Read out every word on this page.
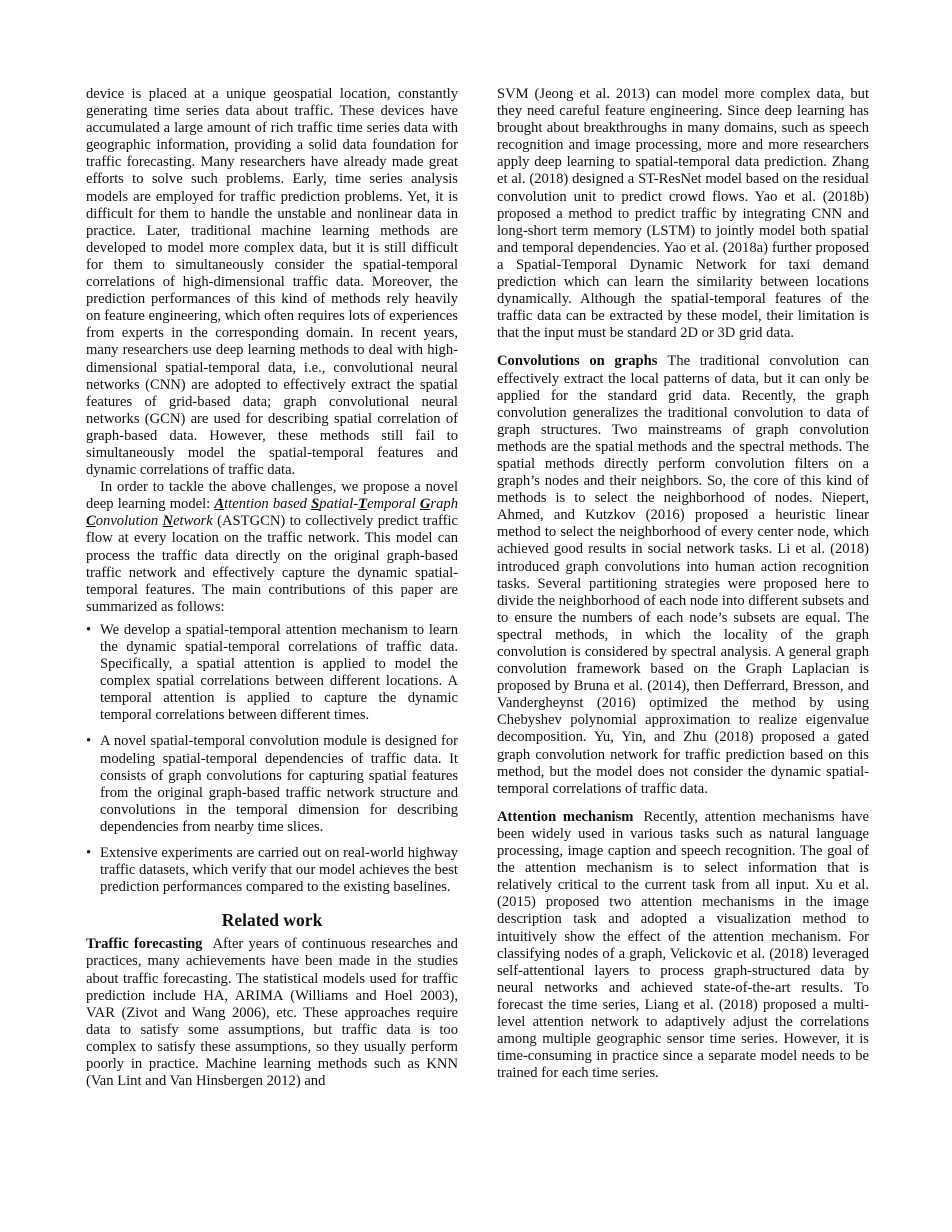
device is placed at a unique geospatial location, constantly generating time series data about traffic. These devices have accumulated a large amount of rich traffic time series data with geographic information, providing a solid data foundation for traffic forecasting. Many researchers have already made great efforts to solve such problems. Early, time series analysis models are employed for traffic prediction problems. Yet, it is difficult for them to handle the unstable and nonlinear data in practice. Later, traditional machine learning methods are developed to model more complex data, but it is still difficult for them to simultaneously consider the spatial-temporal correlations of high-dimensional traffic data. Moreover, the prediction performances of this kind of methods rely heavily on feature engineering, which often requires lots of experiences from experts in the corresponding domain. In recent years, many researchers use deep learning methods to deal with high-dimensional spatial-temporal data, i.e., convolutional neural networks (CNN) are adopted to effectively extract the spatial features of grid-based data; graph convolutional neural networks (GCN) are used for describing spatial correlation of graph-based data. However, these methods still fail to simultaneously model the spatial-temporal features and dynamic correlations of traffic data.

In order to tackle the above challenges, we propose a novel deep learning model: Attention based Spatial-Temporal Graph Convolution Network (ASTGCN) to collectively predict traffic flow at every location on the traffic network. This model can process the traffic data directly on the original graph-based traffic network and effectively capture the dynamic spatial-temporal features. The main contributions of this paper are summarized as follows:

• We develop a spatial-temporal attention mechanism to learn the dynamic spatial-temporal correlations of traffic data. Specifically, a spatial attention is applied to model the complex spatial correlations between different locations. A temporal attention is applied to capture the dynamic temporal correlations between different times.
• A novel spatial-temporal convolution module is designed for modeling spatial-temporal dependencies of traffic data. It consists of graph convolutions for capturing spatial features from the original graph-based traffic network structure and convolutions in the temporal dimension for describing dependencies from nearby time slices.
• Extensive experiments are carried out on real-world highway traffic datasets, which verify that our model achieves the best prediction performances compared to the existing baselines.
Related work

Traffic forecasting After years of continuous researches and practices, many achievements have been made in the studies about traffic forecasting. The statistical models used for traffic prediction include HA, ARIMA (Williams and Hoel 2003), VAR (Zivot and Wang 2006), etc. These approaches require data to satisfy some assumptions, but traffic data is too complex to satisfy these assumptions, so they usually perform poorly in practice. Machine learning methods such as KNN (Van Lint and Van Hinsbergen 2012) and

SVM (Jeong et al. 2013) can model more complex data, but they need careful feature engineering. Since deep learning has brought about breakthroughs in many domains, such as speech recognition and image processing, more and more researchers apply deep learning to spatial-temporal data prediction. Zhang et al. (2018) designed a ST-ResNet model based on the residual convolution unit to predict crowd flows. Yao et al. (2018b) proposed a method to predict traffic by integrating CNN and long-short term memory (LSTM) to jointly model both spatial and temporal dependencies. Yao et al. (2018a) further proposed a Spatial-Temporal Dynamic Network for taxi demand prediction which can learn the similarity between locations dynamically. Although the spatial-temporal features of the traffic data can be extracted by these model, their limitation is that the input must be standard 2D or 3D grid data.

Convolutions on graphs The traditional convolution can effectively extract the local patterns of data, but it can only be applied for the standard grid data. Recently, the graph convolution generalizes the traditional convolution to data of graph structures. Two mainstreams of graph convolution methods are the spatial methods and the spectral methods. The spatial methods directly perform convolution filters on a graph’s nodes and their neighbors. So, the core of this kind of methods is to select the neighborhood of nodes. Niepert, Ahmed, and Kutzkov (2016) proposed a heuristic linear method to select the neighborhood of every center node, which achieved good results in social network tasks. Li et al. (2018) introduced graph convolutions into human action recognition tasks. Several partitioning strategies were proposed here to divide the neighborhood of each node into different subsets and to ensure the numbers of each node’s subsets are equal. The spectral methods, in which the locality of the graph convolution is considered by spectral analysis. A general graph convolution framework based on the Graph Laplacian is proposed by Bruna et al. (2014), then Defferrard, Bresson, and Vandergheynst (2016) optimized the method by using Chebyshev polynomial approximation to realize eigenvalue decomposition. Yu, Yin, and Zhu (2018) proposed a gated graph convolution network for traffic prediction based on this method, but the model does not consider the dynamic spatial-temporal correlations of traffic data.

Attention mechanism Recently, attention mechanisms have been widely used in various tasks such as natural language processing, image caption and speech recognition. The goal of the attention mechanism is to select information that is relatively critical to the current task from all input. Xu et al. (2015) proposed two attention mechanisms in the image description task and adopted a visualization method to intuitively show the effect of the attention mechanism. For classifying nodes of a graph, Velickovic et al. (2018) leveraged self-attentional layers to process graph-structured data by neural networks and achieved state-of-the-art results. To forecast the time series, Liang et al. (2018) proposed a multi-level attention network to adaptively adjust the correlations among multiple geographic sensor time series. However, it is time-consuming in practice since a separate model needs to be trained for each time series.
